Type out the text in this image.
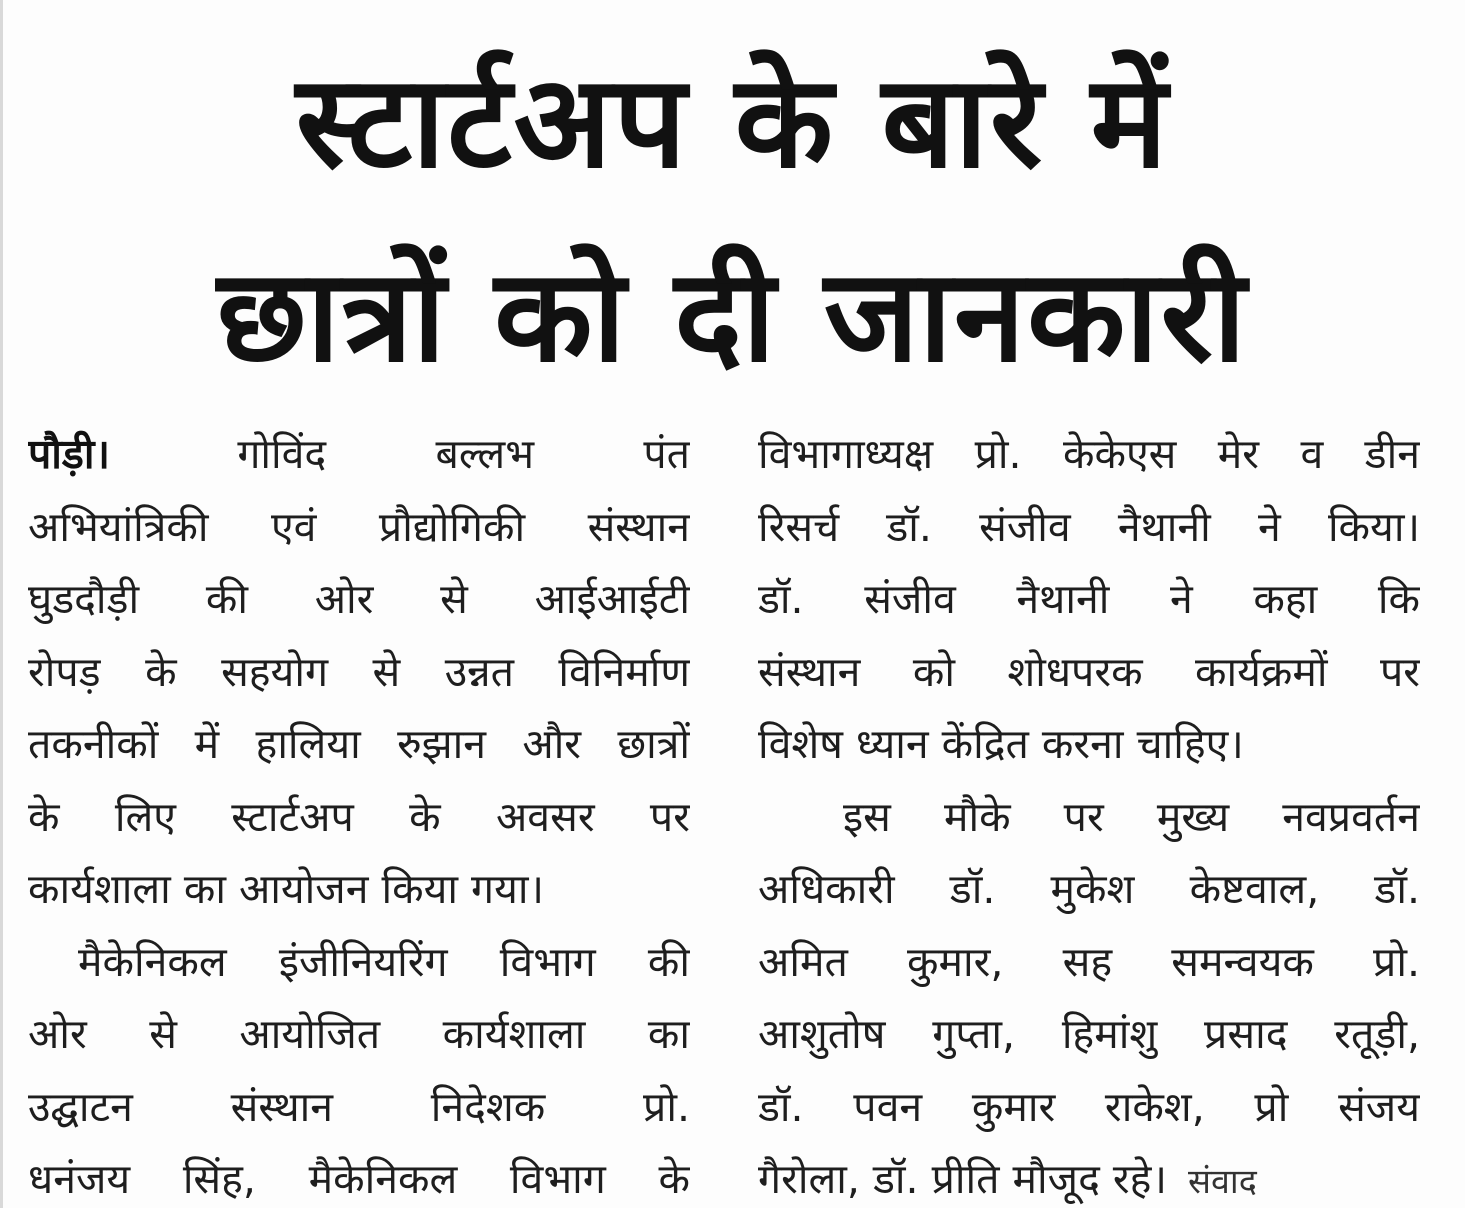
स्टार्टअप के बारे में
छात्रों को दी जानकारी
पौड़ी।	गोविंद बल्लभ पंत
अभियांत्रिकी एवं प्रौद्योगिकी संस्थान
घुडदौड़ी की ओर से आईआईटी
रोपड़ के सहयोग से उन्नत विनिर्माण
तकनीकों में हालिया रुझान और छात्रों
के लिए स्टार्टअप के अवसर पर
कार्यशाला का आयोजन किया गया।
मैकेनिकल इंजीनियरिंग विभाग की
ओर से आयोजित कार्यशाला का
उद्घाटन संस्थान निदेशक प्रो.
धनंजय सिंह, मैकेनिकल विभाग के
विभागाध्यक्ष प्रो. केकेएस मेर व डीन
रिसर्च डॉ. संजीव नैथानी ने किया।
डॉ. संजीव नैथानी ने कहा कि
संस्थान को शोधपरक कार्यक्रमों पर
विशेष ध्यान केंद्रित करना चाहिए।
इस मौके पर मुख्य नवप्रवर्तन
अधिकारी डॉ. मुकेश केष्टवाल, डॉ.
अमित कुमार, सह समन्वयक प्रो.
आशुतोष गुप्ता, हिमांशु प्रसाद रतूड़ी,
डॉ. पवन कुमार राकेश, प्रो संजय
गैरोला, डॉ. प्रीति मौजूद रहे। संवाद
